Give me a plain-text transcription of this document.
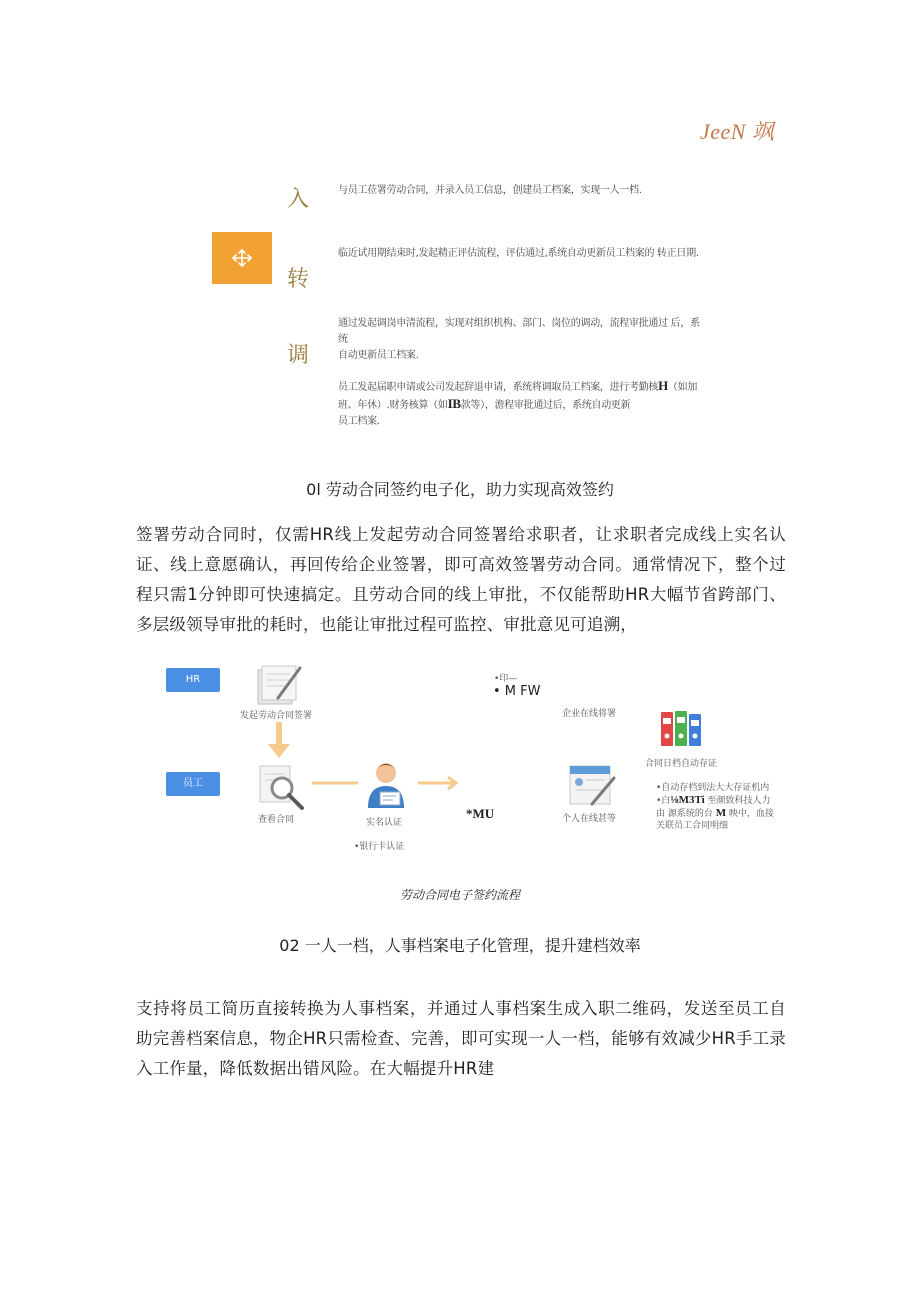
JeeN 飒
入
转
调
与员工莅署劳动合同，并录入员工信息，创建员工档案，实现一人一档.
临近试用期结束时,发起精正评估流程，评估通过,系统自动更新员工档案的 转正日期.
通过发起调岗申清流程，实现对组织机构、部门、岗位的调动，流程审批通过 后，系统
自动更新员工档案.
员工发起届职申请或公司发起辞退申请，系统将调取员工档案，进行考勤核H（如加
班、年休）.财务核算（如IB款等），澹程审批通过后，系统自动更新
员工档案.
0l 劳动合同签约电子化，助力实现高效签约
签署劳动合同时，仅需HR线上发起劳动合同签署给求职者，让求职者完成线上实名认证、线上意愿确认，再回传给企业签署，即可高效签署劳动合同。通常情况下，整个过程只需1分钟即可快速搞定。且劳动合同的线上审批，不仅能帮助HR大幅节省跨部门、多层级领导审批的耗时，也能让审批过程可监控、审批意见可追溯，
HR
员工
发起劳动合同签署
查看合同	实名认证
•银行卡认证
*MU
•印—
• M FW
企业在线将署
个人在线甚等
合同日档自动存证
•自动存档到法大大存证机内
•白⅛M3Ti 至颜致科技人力
由 源系统的台 M 映中，血接
关联员工合同明细
劳动合同电子签约流程
02 一人一档，人事档案电子化管理，提升建档效率
支持将员工简历直接转换为人事档案，并通过人事档案生成入职二维码，发送至员工自助完善档案信息，物企HR只需检查、完善，即可实现一人一档，能够有效减少HR手工录入工作量，降低数据出错风险。在大幅提升HR建
